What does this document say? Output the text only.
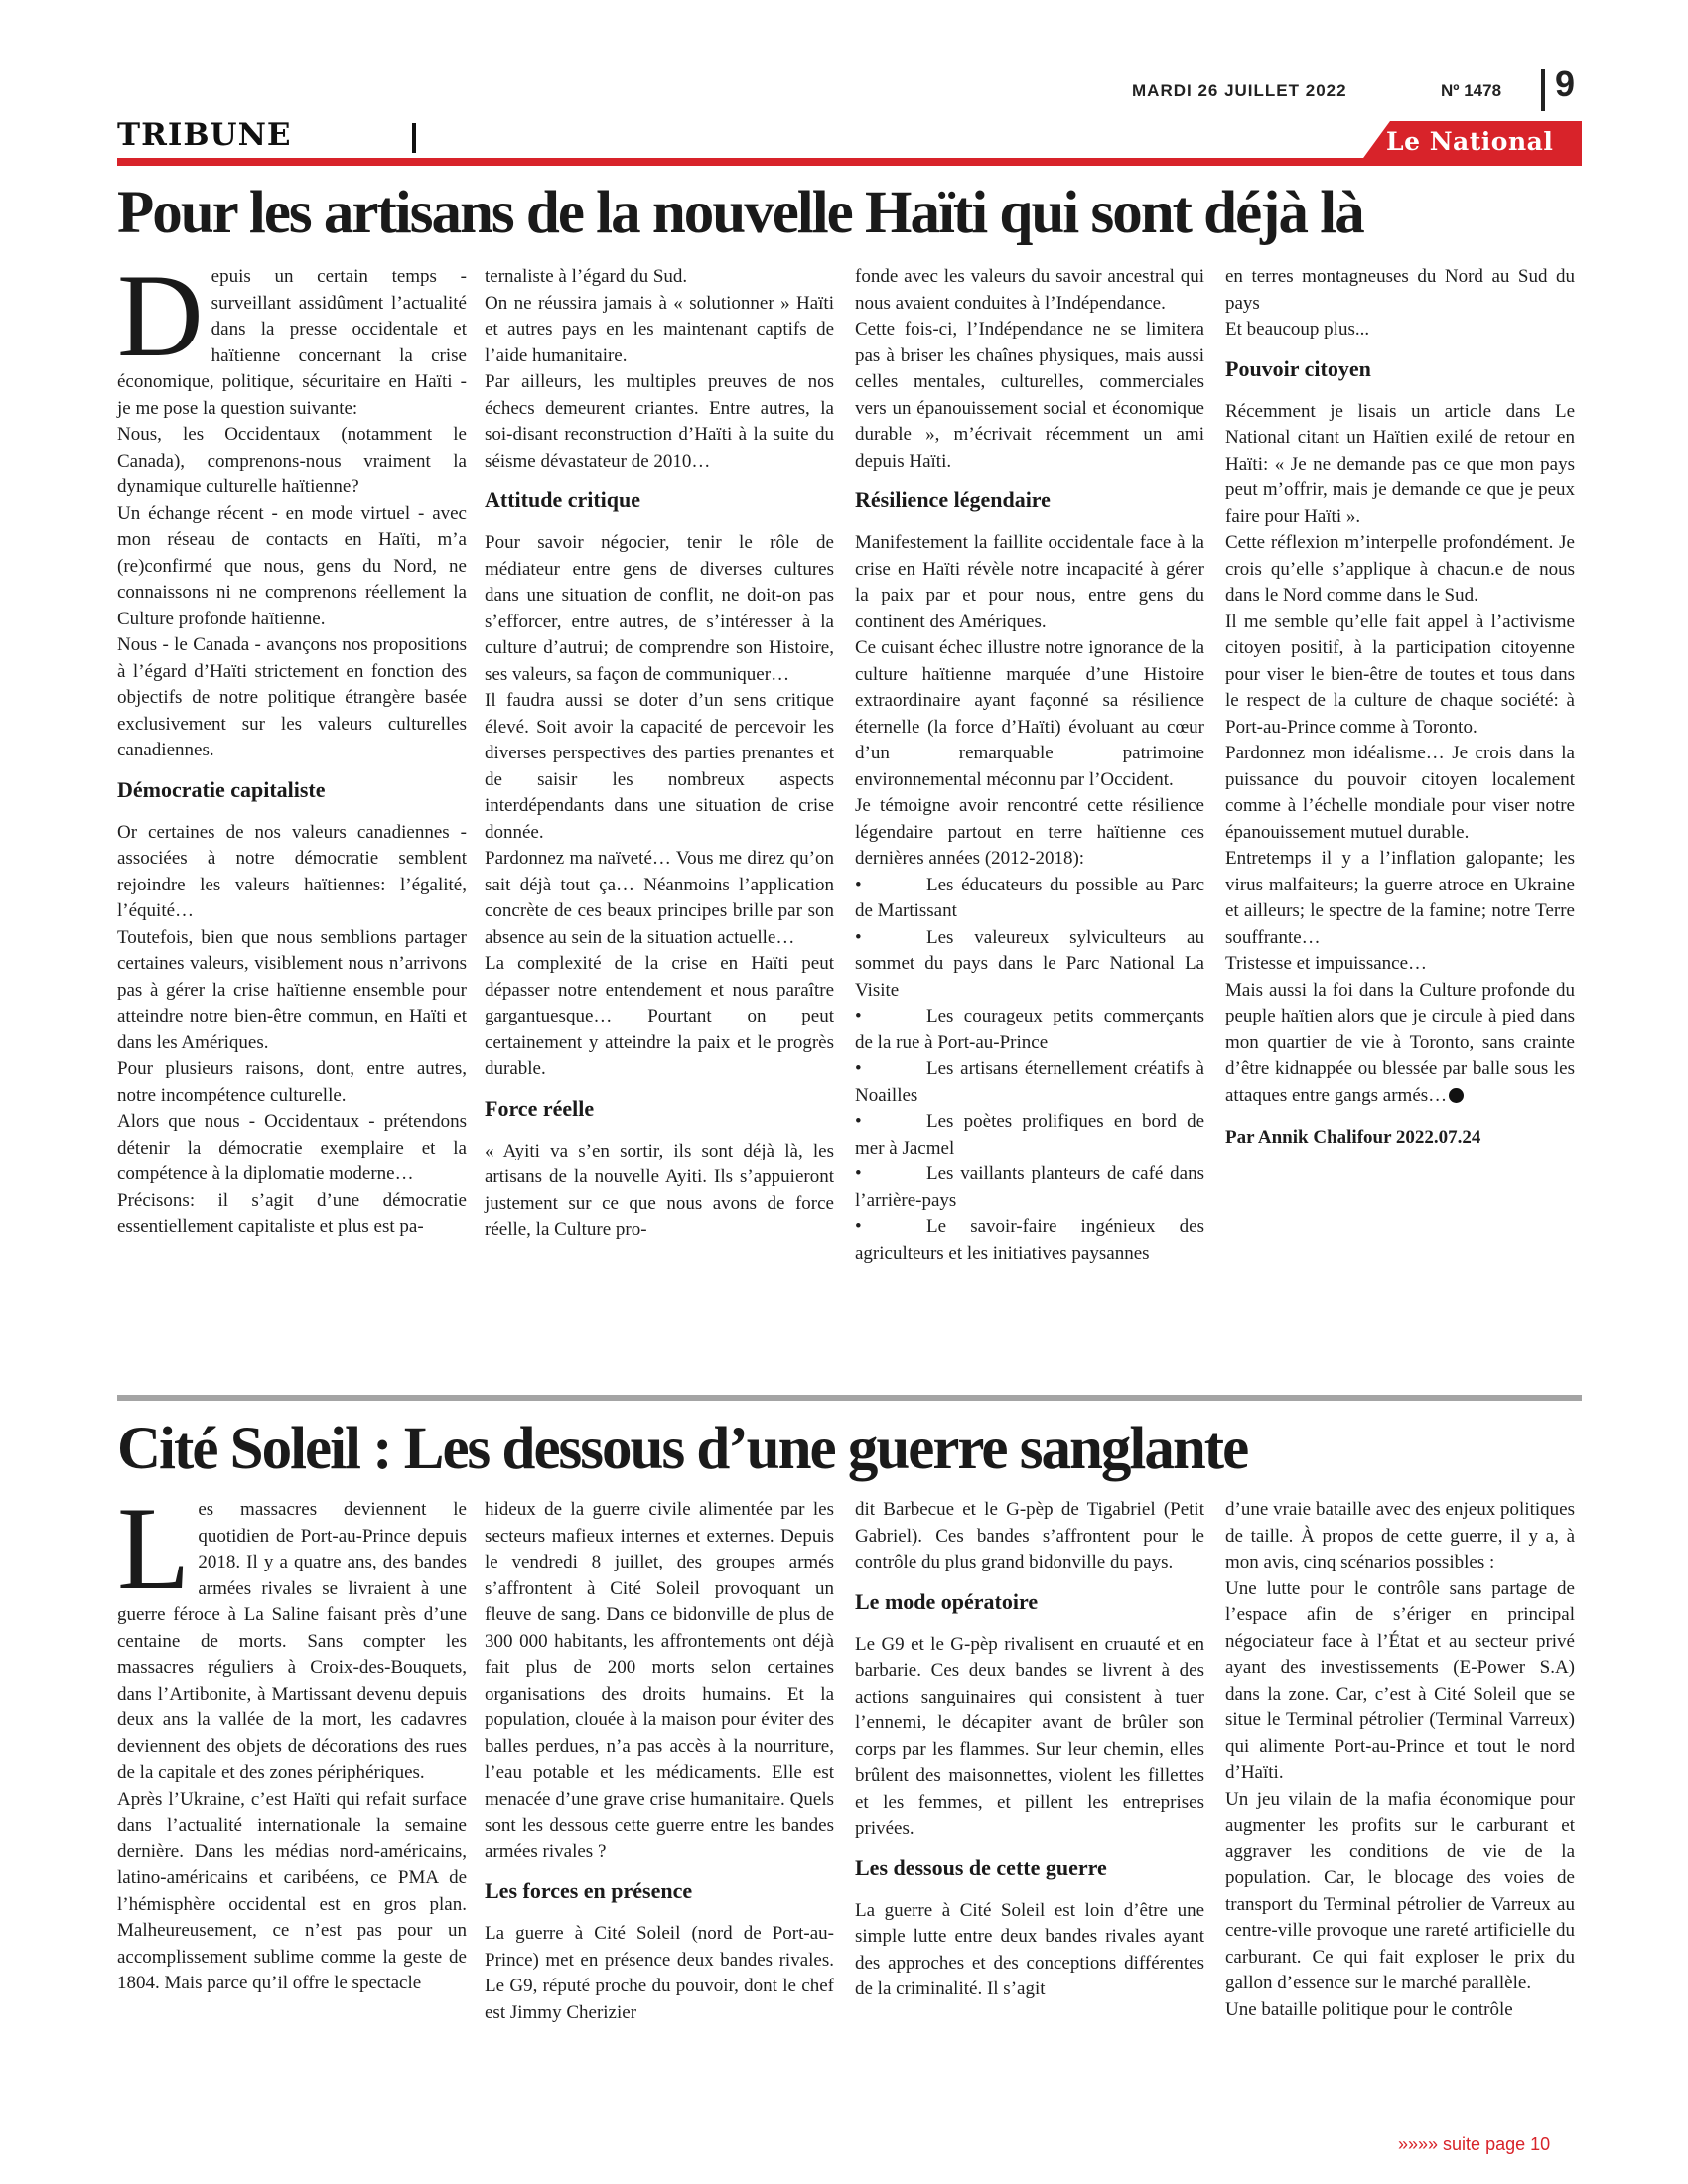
MARDI 26 JUILLET 2022	Nº 1478 9
TRIBUNE	Le National
Pour les artisans de la nouvelle Haïti qui sont déjà là
D epuis un certain temps - surveillant assidûment l’actualité dans la presse occidentale et haïtienne concernant la crise économique, politique, sécuritaire en Haïti - je me pose la question suivante:

Nous, les Occidentaux (notamment le Canada), comprenons-nous vraiment la dynamique culturelle haïtienne?

Un échange récent - en mode virtuel - avec mon réseau de contacts en Haïti, m’a (re)confirmé que nous, gens du Nord, ne connaissons ni ne comprenons réellement la Culture profonde haïtienne.

Nous - le Canada - avançons nos propositions à l’égard d’Haïti strictement en fonction des objectifs de notre politique étrangère basée exclusivement sur les valeurs culturelles canadiennes.

Démocratie capitaliste

Or certaines de nos valeurs canadiennes - associées à notre démocratie semblent rejoindre les valeurs haïtiennes: l’égalité, l’équité…

Toutefois, bien que nous semblions partager certaines valeurs, visiblement nous n’arrivons pas à gérer la crise haïtienne ensemble pour atteindre notre bien-être commun, en Haïti et dans les Amériques.

Pour plusieurs raisons, dont, entre autres, notre incompétence culturelle.

Alors que nous - Occidentaux - prétendons détenir la démocratie exemplaire et la compétence à la diplomatie moderne…

Précisons: il s’agit d’une démocratie essentiellement capitaliste et plus est pa-

ternaliste à l’égard du Sud.

On ne réussira jamais à « solutionner » Haïti et autres pays en les maintenant captifs de l’aide humanitaire.

Par ailleurs, les multiples preuves de nos échecs demeurent criantes. Entre autres, la soi-disant reconstruction d’Haïti à la suite du séisme dévastateur de 2010…

Attitude critique

Pour savoir négocier, tenir le rôle de médiateur entre gens de diverses cultures dans une situation de conflit, ne doit-on pas s’efforcer, entre autres, de s’intéresser à la culture d’autrui; de comprendre son Histoire, ses valeurs, sa façon de communiquer…

Il faudra aussi se doter d’un sens critique élevé. Soit avoir la capacité de percevoir les diverses perspectives des parties prenantes et de saisir les nombreux aspects interdépendants dans une situation de crise donnée.

Pardonnez ma naïveté… Vous me direz qu’on sait déjà tout ça… Néanmoins l’application concrète de ces beaux principes brille par son absence au sein de la situation actuelle…

La complexité de la crise en Haïti peut dépasser notre entendement et nous paraître gargantuesque… Pourtant on peut certainement y atteindre la paix et le progrès durable.

Force réelle

« Ayiti va s’en sortir, ils sont déjà là, les artisans de la nouvelle Ayiti. Ils s’appuieront justement sur ce que nous avons de force réelle, la Culture pro-

fonde avec les valeurs du savoir ancestral qui nous avaient conduites à l’Indépendance.

Cette fois-ci, l’Indépendance ne se limitera pas à briser les chaînes physiques, mais aussi celles mentales, culturelles, commerciales vers un épanouissement social et économique durable », m’écrivait récemment un ami depuis Haïti.

Résilience légendaire

Manifestement la faillite occidentale face à la crise en Haïti révèle notre incapacité à gérer la paix par et pour nous, entre gens du continent des Amériques.

Ce cuisant échec illustre notre ignorance de la culture haïtienne marquée d’une Histoire extraordinaire ayant façonné sa résilience éternelle (la force d’Haïti) évoluant au cœur d’un remarquable patrimoine environnemental méconnu par l’Occident.

Je témoigne avoir rencontré cette résilience légendaire partout en terre haïtienne ces dernières années (2012-2018):

•	Les éducateurs du possible au Parc de Martissant

•	Les valeureux sylviculteurs au sommet du pays dans le Parc National La Visite

•	Les courageux petits commerçants de la rue à Port-au-Prince

•	Les artisans éternellement créatifs à Noailles

•	Les poètes prolifiques en bord de mer à Jacmel

•	Les vaillants planteurs de café dans l’arrière-pays

•	Le savoir-faire ingénieux des agriculteurs et les initiatives paysannes

en terres montagneuses du Nord au Sud du pays

Et beaucoup plus...

Pouvoir citoyen

Récemment je lisais un article dans Le National citant un Haïtien exilé de retour en Haïti: « Je ne demande pas ce que mon pays peut m’offrir, mais je demande ce que je peux faire pour Haïti ».

Cette réflexion m’interpelle profondément. Je crois qu’elle s’applique à chacun.e de nous dans le Nord comme dans le Sud.

Il me semble qu’elle fait appel à l’activisme citoyen positif, à la participation citoyenne pour viser le bien-être de toutes et tous dans le respect de la culture de chaque société: à Port-au-Prince comme à Toronto.

Pardonnez mon idéalisme… Je crois dans la puissance du pouvoir citoyen localement comme à l’échelle mondiale pour viser notre épanouissement mutuel durable.

Entretemps il y a l’inflation galopante; les virus malfaiteurs; la guerre atroce en Ukraine et ailleurs; le spectre de la famine; notre Terre souffrante…

Tristesse et impuissance…

Mais aussi la foi dans la Culture profonde du peuple haïtien alors que je circule à pied dans mon quartier de vie à Toronto, sans crainte d’être kidnappée ou blessée par balle sous les attaques entre gangs armés…

Par Annik Chalifour 2022.07.24

Cité Soleil : Les dessous d’une guerre sanglante
L es massacres deviennent le quotidien de Port-au-Prince depuis 2018. Il y a quatre ans, des bandes armées rivales se livraient à une guerre féroce à La Saline faisant près d’une centaine de morts. Sans compter les massacres réguliers à Croix-des-Bouquets, dans l’Artibonite, à Martissant devenu depuis deux ans la vallée de la mort, les cadavres deviennent des objets de décorations des rues de la capitale et des zones périphériques.

Après l’Ukraine, c’est Haïti qui refait surface dans l’actualité internationale la semaine dernière. Dans les médias nord-américains, latino-américains et caribéens, ce PMA de l’hémisphère occidental est en gros plan. Malheureusement, ce n’est pas pour un accomplissement sublime comme la geste de 1804. Mais parce qu’il offre le spectacle

hideux de la guerre civile alimentée par les secteurs mafieux internes et externes. Depuis le vendredi 8 juillet, des groupes armés s’affrontent à Cité Soleil provoquant un fleuve de sang. Dans ce bidonville de plus de 300 000 habitants, les affrontements ont déjà fait plus de 200 morts selon certaines organisations des droits humains. Et la population, clouée à la maison pour éviter des balles perdues, n’a pas accès à la nourriture, l’eau potable et les médicaments. Elle est menacée d’une grave crise humanitaire. Quels sont les dessous cette guerre entre les bandes armées rivales ?

Les forces en présence

La guerre à Cité Soleil (nord de Port-au-Prince) met en présence deux bandes rivales. Le G9, réputé proche du pouvoir, dont le chef est Jimmy Cherizier

dit Barbecue et le G-pèp de Tigabriel (Petit Gabriel). Ces bandes s’affrontent pour le contrôle du plus grand bidonville du pays.

Le mode opératoire

Le G9 et le G-pèp rivalisent en cruauté et en barbarie. Ces deux bandes se livrent à des actions sanguinaires qui consistent à tuer l’ennemi, le décapiter avant de brûler son corps par les flammes. Sur leur chemin, elles brûlent des maisonnettes, violent les fillettes et les femmes, et pillent les entreprises privées.

Les dessous de cette guerre

La guerre à Cité Soleil est loin d’être une simple lutte entre deux bandes rivales ayant des approches et des conceptions différentes de la criminalité. Il s’agit

d’une vraie bataille avec des enjeux politiques de taille. À propos de cette guerre, il y a, à mon avis, cinq scénarios possibles :

Une lutte pour le contrôle sans partage de l’espace afin de s’ériger en principal négociateur face à l’État et au secteur privé ayant des investissements (E-Power S.A) dans la zone. Car, c’est à Cité Soleil que se situe le Terminal pétrolier (Terminal Varreux) qui alimente Port-au-Prince et tout le nord d’Haïti.

Un jeu vilain de la mafia économique pour augmenter les profits sur le carburant et aggraver les conditions de vie de la population. Car, le blocage des voies de transport du Terminal pétrolier de Varreux au centre-ville provoque une rareté artificielle du carburant. Ce qui fait exploser le prix du gallon d’essence sur le marché parallèle.

Une bataille politique pour le contrôle

»»»» suite page 10
